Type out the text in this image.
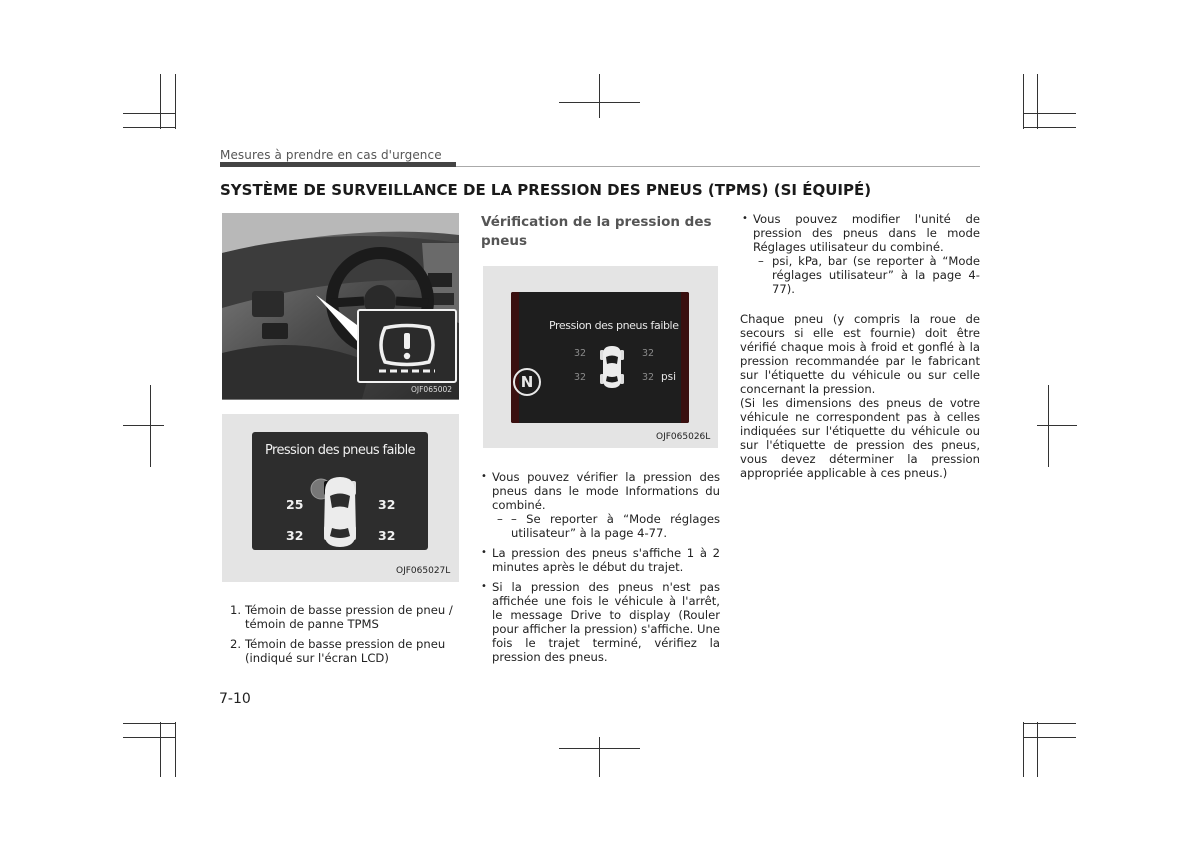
Mesures à prendre en cas d'urgence
SYSTÈME DE SURVEILLANCE DE LA PRESSION DES PNEUS (TPMS) (SI ÉQUIPÉ)
OJF065002
Pression des pneus faible
25	32
32	32
OJF065027L
1. Témoin de basse pression de pneu / témoin de panne TPMS
2. Témoin de basse pression de pneu (indiqué sur l'écran LCD)
7-10
Vérification de la pression des pneus
Pression des pneus faible
N
32	32
32	32 psi
OJF065026L
• Vous pouvez vérifier la pression des pneus dans le mode Informations du combiné.
– – Se reporter à “Mode réglages utilisateur” à la page 4-77.
• La pression des pneus s'affiche 1 à 2 minutes après le début du trajet.
• Si la pression des pneus n'est pas affichée une fois le véhicule à l'arrêt, le message Drive to display (Rouler pour afficher la pression) s'affiche. Une fois le trajet terminé, vérifiez la pression des pneus.
• Vous pouvez modifier l'unité de pression des pneus dans le mode Réglages utilisateur du combiné.
– psi, kPa, bar (se reporter à “Mode réglages utilisateur” à la page 4-77).

Chaque pneu (y compris la roue de secours si elle est fournie) doit être vérifié chaque mois à froid et gonflé à la pression recommandée par le fabricant sur l'étiquette du véhicule ou sur celle concernant la pression.

(Si les dimensions des pneus de votre véhicule ne correspondent pas à celles indiquées sur l'étiquette du véhicule ou sur l'étiquette de pression des pneus, vous devez déterminer la pression appropriée applicable à ces pneus.)
